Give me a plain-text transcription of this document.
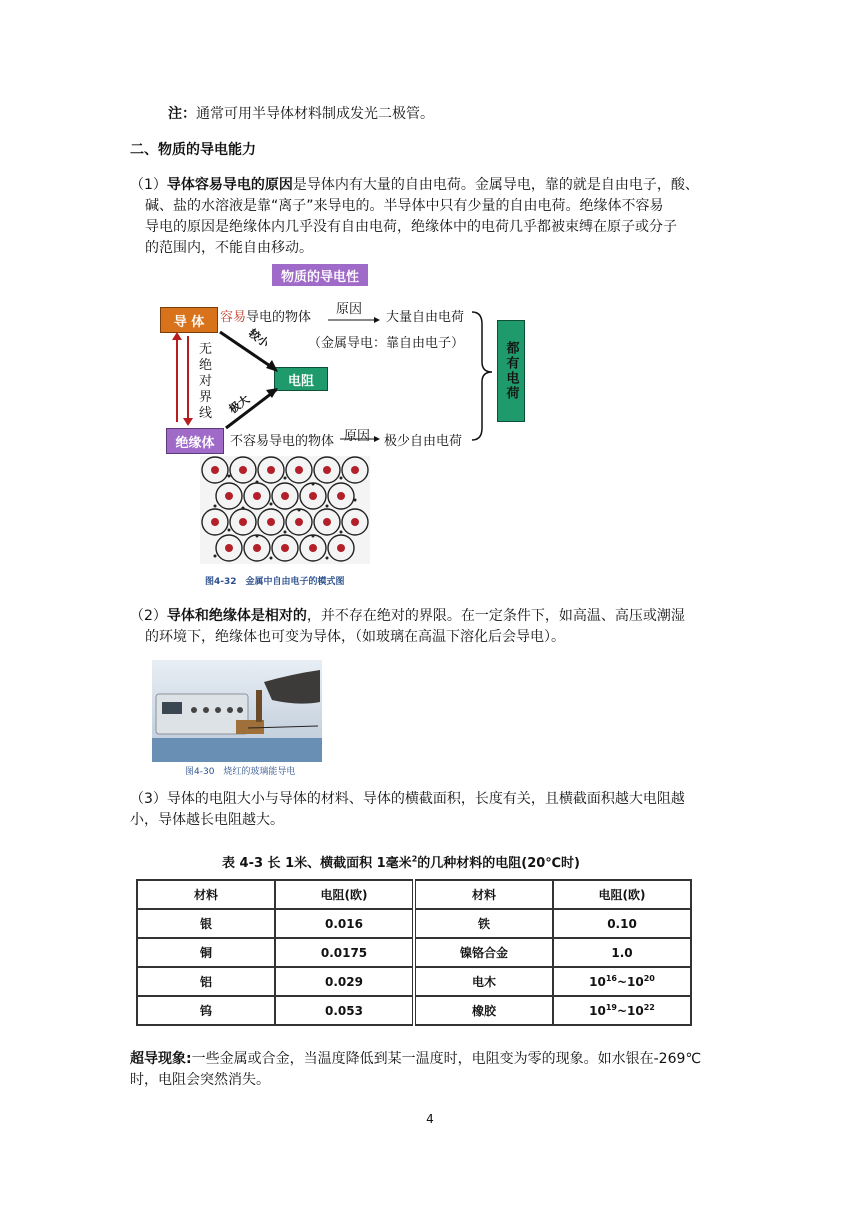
注：通常可用半导体材料制成发光二极管。
二、物质的导电能力
（1）导体容易导电的原因是导体内有大量的自由电荷。金属导电，靠的就是自由电子，酸、
碱、盐的水溶液是靠“离子”来导电的。半导体中只有少量的自由电荷。绝缘体不容易
导电的原因是绝缘体内几乎没有自由电荷，绝缘体中的电荷几乎都被束缚在原子或分子
的范围内，不能自由移动。
物质的导电性
导 体
绝缘体
电阻	都有电荷
无绝对界线
容易导电的物体
原因
大量自由电荷
（金属导电：靠自由电子）
较小
极大
不容易导电的物体 原因 极少自由电荷
图4-32　金属中自由电子的模式图
（2）导体和绝缘体是相对的，并不存在绝对的界限。在一定条件下，如高温、高压或潮湿
的环境下，绝缘体也可变为导体，（如玻璃在高温下溶化后会导电）。
图4-30　烧红的玻璃能导电
（3）导体的电阻大小与导体的材料、导体的横截面积，长度有关，且横截面积越大电阻越
小，导体越长电阻越大。
表 4-3 长 1米、横截面积 1毫米$^2$的几种材料的电阻(20℃时)
材料	电阻(欧)	材料	电阻(欧)
银	0.016	铁	0.10
铜	0.0175	镍铬合金	1.0
铝	0.029	电木	$10^{16}\sim 10^{20}$
钨	0.053	橡胶	$10^{19}\sim 10^{22}$
超导现象:一些金属或合金，当温度降低到某一温度时，电阻变为零的现象。如水银在-269℃
时，电阻会突然消失。
4
